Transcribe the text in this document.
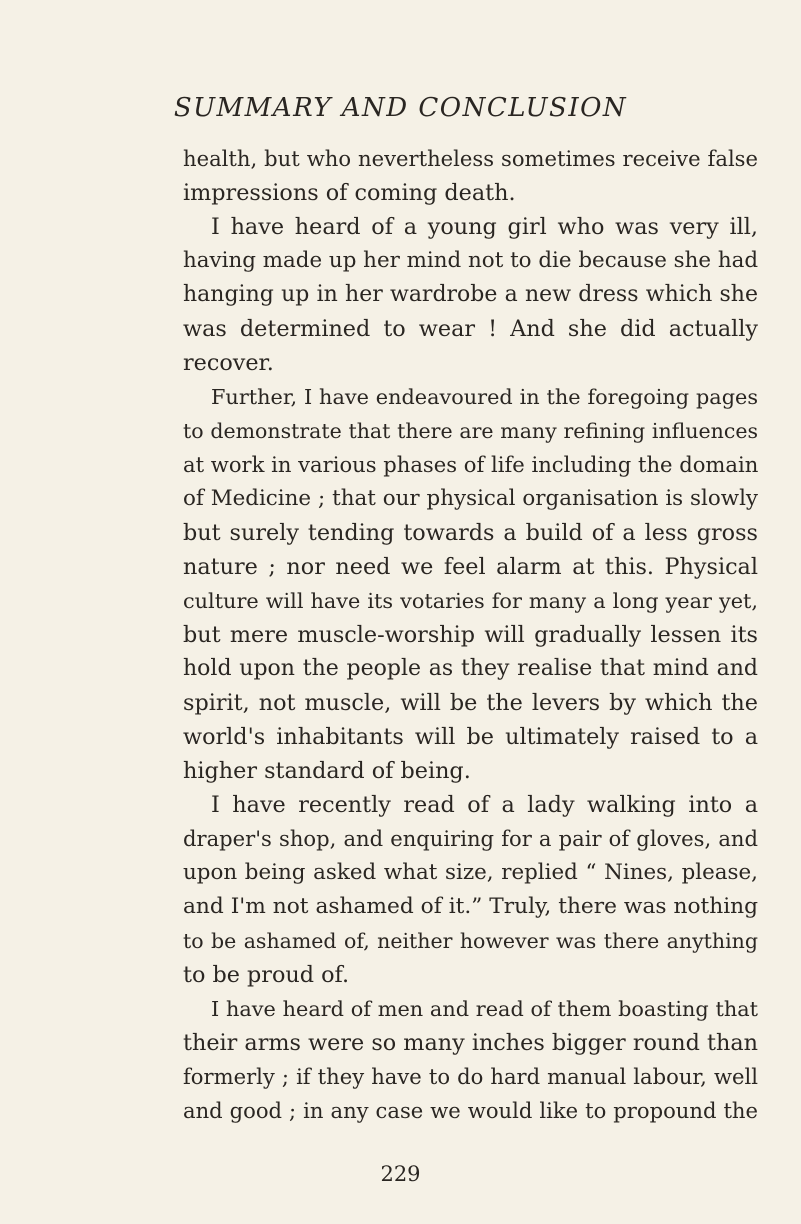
SUMMARY AND CONCLUSION
health, but who nevertheless sometimes receive false
impressions of coming death.
I have heard of a young girl who was very ill,
having made up her mind not to die because she had
hanging up in her wardrobe a new dress which she
was determined to wear ! And she did actually
recover.
Further, I have endeavoured in the foregoing pages
to demonstrate that there are many refining influences
at work in various phases of life including the domain
of Medicine ; that our physical organisation is slowly
but surely tending towards a build of a less gross
nature ; nor need we feel alarm at this. Physical
culture will have its votaries for many a long year yet,
but mere muscle-worship will gradually lessen its
hold upon the people as they realise that mind and
spirit, not muscle, will be the levers by which the
world's inhabitants will be ultimately raised to a
higher standard of being.
I have recently read of a lady walking into a
draper's shop, and enquiring for a pair of gloves, and
upon being asked what size, replied “ Nines, please,
and I'm not ashamed of it.” Truly, there was nothing
to be ashamed of, neither however was there anything
to be proud of.
I have heard of men and read of them boasting that
their arms were so many inches bigger round than
formerly ; if they have to do hard manual labour, well
and good ; in any case we would like to propound the
229
